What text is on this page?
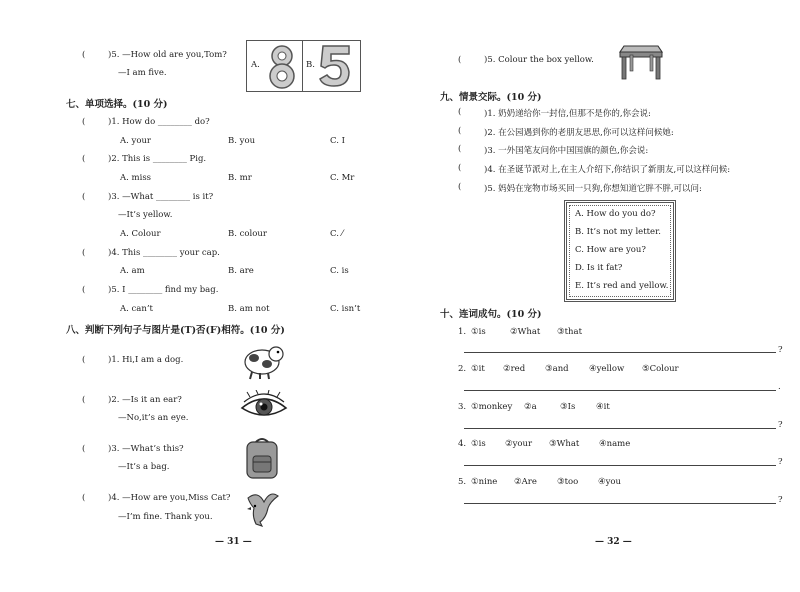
(	)5. —How old are you,Tom?
—I am five.
A.	B.
七、单项选择。(10 分)
(	)1. How do ________ do?
A. your	B. you	C. I
(	)2. This is ________ Pig.
A. miss	B. mr	C. Mr
(	)3. —What ________ is it?
—It’s yellow.
A. Colour	B. colour	C. ⁄
(	)4. This ________ your cap.
A. am	B. are	C. is
(	)5. I ________ find my bag.
A. can’t	B. am not	C. isn’t
八、判断下列句子与图片是(T)否(F)相符。(10 分)
(	)1. Hi,I am a dog.
(	)2. —Is it an ear?
—No,it’s an eye.
(	)3. —What’s this?
—It’s a bag.
(	)4. —How are you,Miss Cat?
—I’m fine. Thank you.
— 31 —
(	)5. Colour the box yellow.
九、情景交际。(10 分)
(	)1. 奶奶递给你一封信,但那不是你的,你会说:
(	)2. 在公园遇到你的老朋友思思,你可以这样问候她:
(	)3. 一外国笔友问你中国国旗的颜色,你会说:
(	)4. 在圣诞节派对上,在主人介绍下,你结识了新朋友,可以这样问候:
(	)5. 妈妈在宠物市场买回一只狗,你想知道它胖不胖,可以问:
A. How do you do?
B. It’s not my letter.
C. How are you?
D. Is it fat?
E. It’s red and yellow.
十、连词成句。(10 分)
1. ①is	②What ③that
?
2. ①it ②red ③and ④yellow ⑤Colour
.
3. ①monkey ②a	③Is ④it
?
4. ①is ②your ③What ④name
?
5. ①nine ②Are ③too ④you
?
— 32 —
